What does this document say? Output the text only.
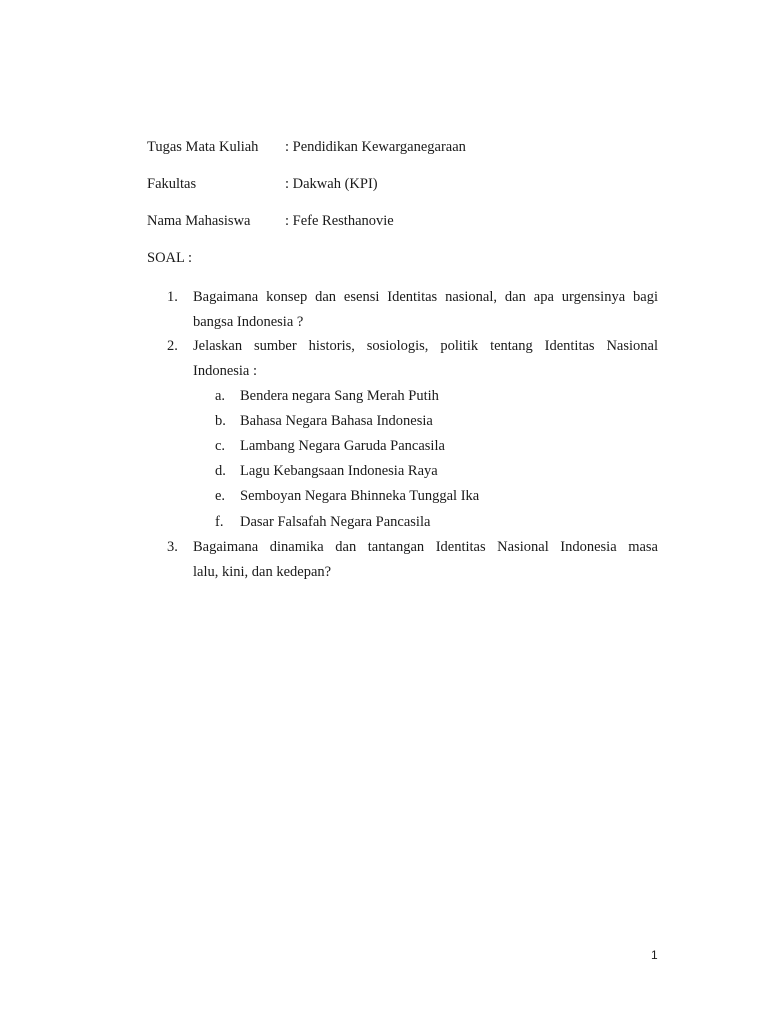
Tugas Mata Kuliah : Pendidikan Kewarganegaraan
Fakultas	: Dakwah (KPI)
Nama Mahasiswa : Fefe Resthanovie
SOAL :
1. Bagaimana konsep dan esensi Identitas nasional, dan apa urgensinya bagi
bangsa Indonesia ?
2. Jelaskan sumber historis, sosiologis, politik tentang Identitas Nasional
Indonesia :
a. Bendera negara Sang Merah Putih
b. Bahasa Negara Bahasa Indonesia
c. Lambang Negara Garuda Pancasila
d. Lagu Kebangsaan Indonesia Raya
e. Semboyan Negara Bhinneka Tunggal Ika
f. Dasar Falsafah Negara Pancasila
3. Bagaimana dinamika dan tantangan Identitas Nasional Indonesia masa
lalu, kini, dan kedepan?
1
